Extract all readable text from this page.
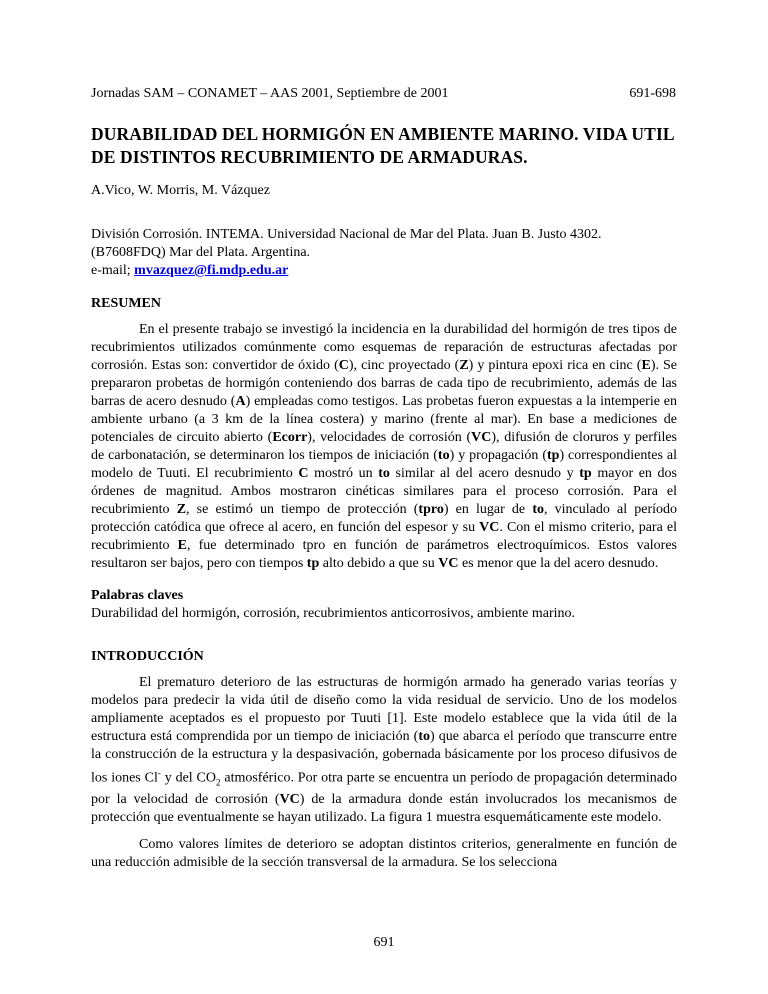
Jornadas SAM – CONAMET – AAS 2001, Septiembre de 2001	691-698
DURABILIDAD DEL HORMIGÓN EN AMBIENTE MARINO. VIDA UTIL DE DISTINTOS RECUBRIMIENTO DE ARMADURAS.
A.Vico, W. Morris, M. Vázquez
División Corrosión. INTEMA. Universidad Nacional de Mar del Plata. Juan B. Justo 4302.
(B7608FDQ) Mar del Plata. Argentina.
e-mail; mvazquez@fi.mdp.edu.ar
RESUMEN
En el presente trabajo se investigó la incidencia en la durabilidad del hormigón de tres tipos de recubrimientos utilizados comúnmente como esquemas de reparación de estructuras afectadas por corrosión. Estas son: convertidor de óxido (C), cinc proyectado (Z) y pintura epoxi rica en cinc (E). Se prepararon probetas de hormigón conteniendo dos barras de cada tipo de recubrimiento, además de las barras de acero desnudo (A) empleadas como testigos. Las probetas fueron expuestas a la intemperie en ambiente urbano (a 3 km de la línea costera) y marino (frente al mar). En base a mediciones de potenciales de circuito abierto (Ecorr), velocidades de corrosión (VC), difusión de cloruros y perfiles de carbonatación, se determinaron los tiempos de iniciación (to) y propagación (tp) correspondientes al modelo de Tuuti. El recubrimiento C mostró un to similar al del acero desnudo y tp mayor en dos órdenes de magnitud. Ambos mostraron cinéticas similares para el proceso corrosión. Para el recubrimiento Z, se estimó un tiempo de protección (tpro) en lugar de to, vinculado al período protección catódica que ofrece al acero, en función del espesor y su VC. Con el mismo criterio, para el recubrimiento E, fue determinado tpro en función de parámetros electroquímicos. Estos valores resultaron ser bajos, pero con tiempos tp alto debido a que su VC es menor que la del acero desnudo.
Palabras claves
Durabilidad del hormigón, corrosión, recubrimientos anticorrosivos, ambiente marino.
INTRODUCCIÓN
El prematuro deterioro de las estructuras de hormigón armado ha generado varias teorías y modelos para predecir la vida útil de diseño como la vida residual de servicio. Uno de los modelos ampliamente aceptados es el propuesto por Tuuti [1]. Este modelo establece que la vida útil de la estructura está comprendida por un tiempo de iniciación (to) que abarca el período que transcurre entre la construcción de la estructura y la despasivación, gobernada básicamente por los proceso difusivos de los iones Cl- y del $CO_2$ atmosférico. Por otra parte se encuentra un período de propagación determinado por la velocidad de corrosión (VC) de la armadura donde están involucrados los mecanismos de protección que eventualmente se hayan utilizado. La figura 1 muestra esquemáticamente este modelo.
Como valores límites de deterioro se adoptan distintos criterios, generalmente en función de una reducción admisible de la sección transversal de la armadura. Se los selecciona
691
